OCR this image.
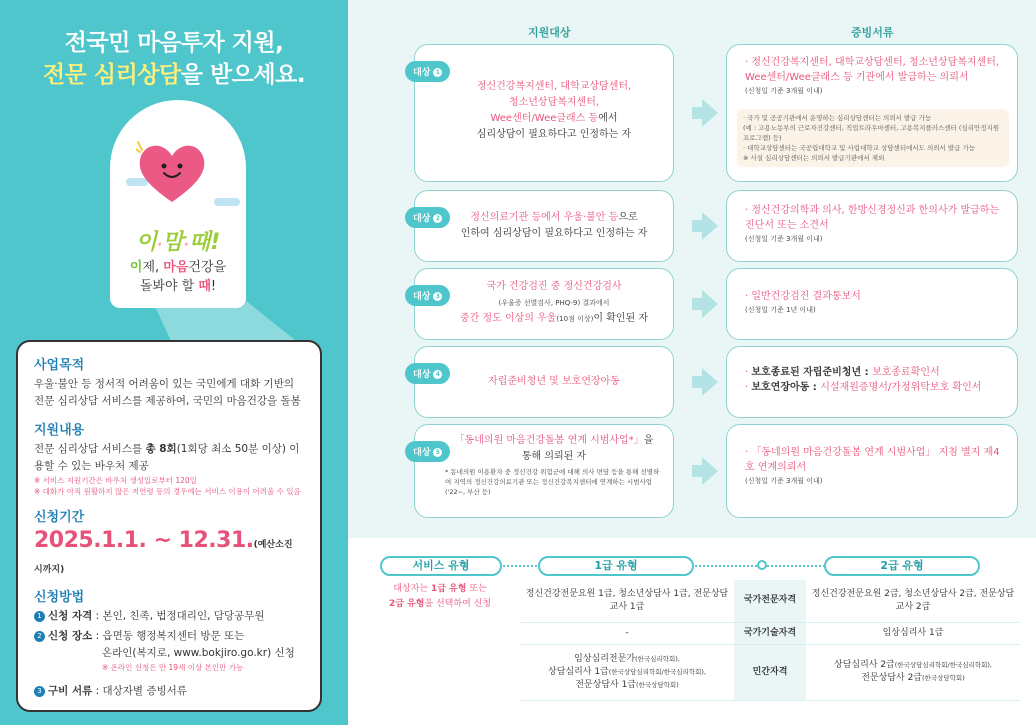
전국민 마음투자 지원,
전문 심리상담을 받으세요.
이·맘·때!
이제, 마음건강을
돌봐야 할 때!
사업목적
우울·불안 등 정서적 어려움이 있는 국민에게 대화 기반의 전문 심리상담 서비스를 제공하여, 국민의 마음건강을 돌봄
지원내용
전문 심리상담 서비스를 총 8회(1회당 최소 50분 이상) 이용할 수 있는 바우처 제공
※ 서비스 지원기간은 바우처 생성일로부터 120일
※ 대화가 아직 원활하지 않은 저연령 등의 경우에는 서비스 이용이 어려울 수 있음
신청기간
2025.1.1. ~ 12.31.(예산소진 시까지)
신청방법
1 신청 자격 : 본인, 친족, 법정대리인, 담당공무원
2 신청 장소 : 읍면동 행정복지센터 방문 또는
온라인(복지로, www.bokjiro.go.kr) 신청
※ 온라인 신청은 만 19세 이상 본인만 가능
3 구비 서류 : 대상자별 증빙서류
지원대상	증빙서류
대상 1
정신건강복지센터, 대학교상담센터,
청소년상담복지센터,
Wee센터/Wee클래스 등에서
심리상담이 필요하다고 인정하는 자
· 정신건강복지센터, 대학교상담센터, 청소년상담복지센터, Wee센터/Wee클래스 등 기관에서 발급하는 의뢰서
(신청일 기준 3개월 이내)
· 국가 및 공공기관에서 운영하는 심리상담센터는 의뢰서 발급 가능
(예 : 고용노동부의 근로자건강센터, 직업트라우마센터, 고용복지플러스센터 (심리안정지원 프로그램) 등)
· 대학교상담센터는 국공립대학교 및 사립대학교 상담센터에서도 의뢰서 발급 가능
※ 사설 심리상담센터는 의뢰서 발급기관에서 제외
대상 2	정신의료기관 등에서 우울·불안 등으로
인하여 심리상담이 필요하다고 인정하는 자
· 정신건강의학과 의사, 한방신경정신과 한의사가 발급하는 진단서 또는 소견서
(신청일 기준 3개월 이내)
대상 3
국가 건강검진 중 정신건강검사
(우울증 선별검사, PHQ-9) 결과에서
중간 정도 이상의 우울(10점 이상)이 확인된 자
· 일반건강검진 결과통보서
(신청일 기준 1년 이내)
대상 4
자립준비청년 및 보호연장아동
· 보호종료된 자립준비청년 : 보호종료확인서
· 보호연장아동 : 시설재원증명서/가정위탁보호 확인서
대상 5
「동네의원 마음건강돌봄 연계 시범사업*」을
통해 의뢰된 자
* 동네의원 이용환자 중 정신건강 위험군에 대해 의사 면담 등을 통해 선별하여 지역의 정신건강의료기관 또는 정신건강복지센터에 연계하는 시범사업('22~, 부산 등)
· 「동네의원 마음건강돌봄 연계 시범사업」 지침 별지 제4호 연계의뢰서
(신청일 기준 3개월 이내)
서비스 유형	1급 유형	2급 유형
대상자는 1급 유형 또는
2급 유형을 선택하여 신청
정신건강전문요원 1급, 청소년상담사 1급, 전문상담교사 1급	국가전문자격	정신건강전문요원 2급, 청소년상담사 2급, 전문상담교사 2급
-	국가기술자격	임상심리사 1급
임상심리전문가(한국심리학회),
상담심리사 1급(한국상담심리학회/한국심리학회),
전문상담사 1급(한국상담학회)	민간자격	상담심리사 2급(한국상담심리학회/한국심리학회),
전문상담사 2급(한국상담학회)
